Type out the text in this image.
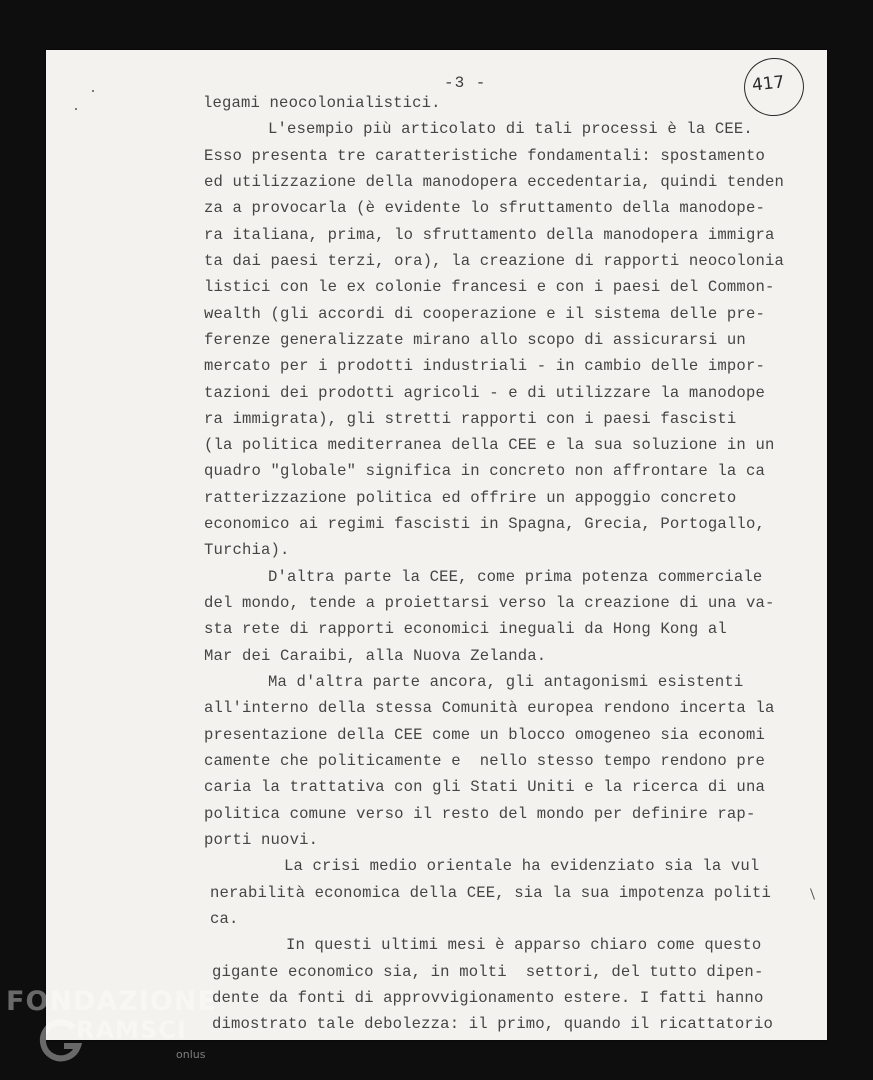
-3 -	417
legami neocolonialistici.
L'esempio più articolato di tali processi è la CEE.
Esso presenta tre caratteristiche fondamentali: spostamento
ed utilizzazione della manodopera eccedentaria, quindi tenden
za a provocarla (è evidente lo sfruttamento della manodope-
ra italiana, prima, lo sfruttamento della manodopera immigra
ta dai paesi terzi, ora), la creazione di rapporti neocolonia
listici con le ex colonie francesi e con i paesi del Common-
wealth (gli accordi di cooperazione e il sistema delle pre-
ferenze generalizzate mirano allo scopo di assicurarsi un
mercato per i prodotti industriali - in cambio delle impor-
tazioni dei prodotti agricoli - e di utilizzare la manodope
ra immigrata), gli stretti rapporti con i paesi fascisti
(la politica mediterranea della CEE e la sua soluzione in un
quadro "globale" significa in concreto non affrontare la ca
ratterizzazione politica ed offrire un appoggio concreto
economico ai regimi fascisti in Spagna, Grecia, Portogallo,
Turchia).
D'altra parte la CEE, come prima potenza commerciale
del mondo, tende a proiettarsi verso la creazione di una va-
sta rete di rapporti economici ineguali da Hong Kong al
Mar dei Caraibi, alla Nuova Zelanda.
Ma d'altra parte ancora, gli antagonismi esistenti
all'interno della stessa Comunità europea rendono incerta la
presentazione della CEE come un blocco omogeneo sia economi
camente che politicamente e  nello stesso tempo rendono pre
caria la trattativa con gli Stati Uniti e la ricerca di una
politica comune verso il resto del mondo per definire rap-
porti nuovi.
La crisi medio orientale ha evidenziato sia la vul
nerabilità economica della CEE, sia la sua impotenza politi
ca.
In questi ultimi mesi è apparso chiaro come questo
gigante economico sia, in molti  settori, del tutto dipen-
dente da fonti di approvvigionamento estere. I fatti hanno
dimostrato tale debolezza: il primo, quando il ricattatorio
FONDAZIONE
RAMSCI
onlus
